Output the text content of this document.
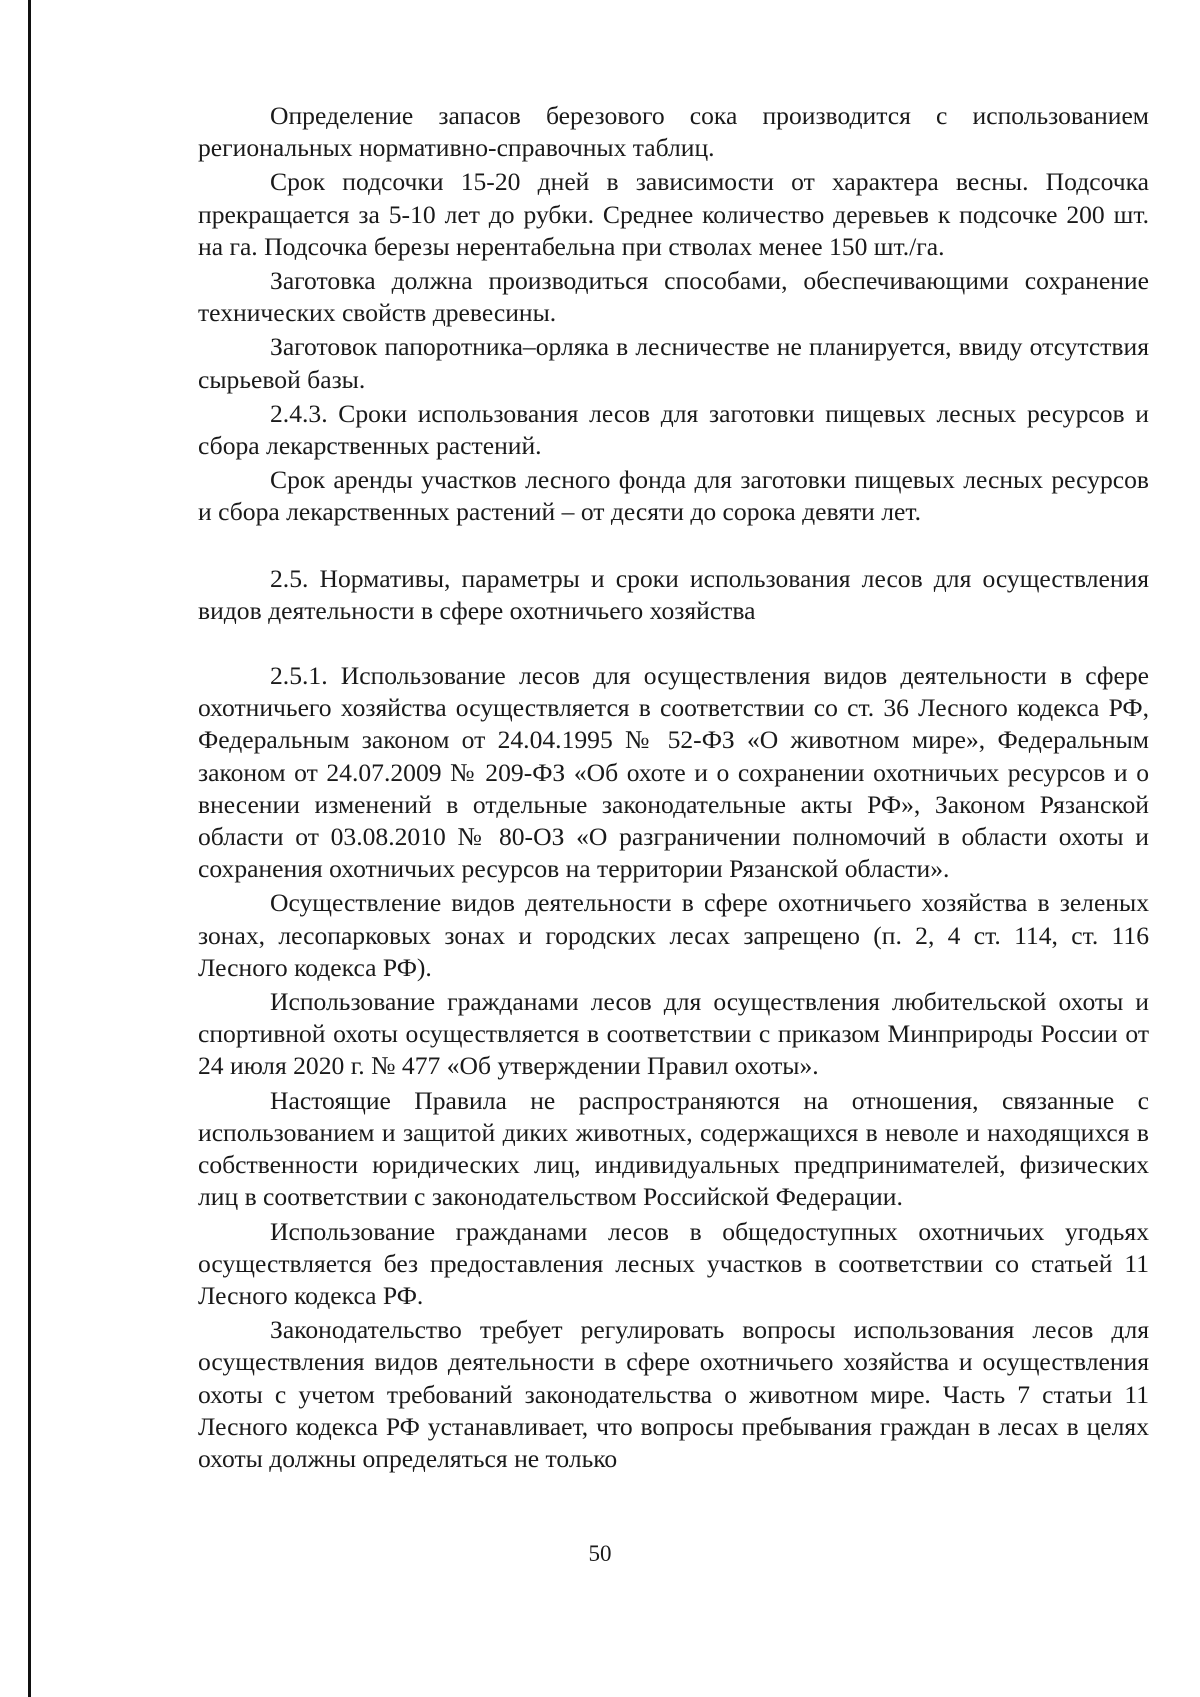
Определение запасов березового сока производится с использованием региональных нормативно-справочных таблиц.

Срок подсочки 15-20 дней в зависимости от характера весны. Подсочка прекращается за 5-10 лет до рубки. Среднее количество деревьев к подсочке 200 шт. на га. Подсочка березы нерентабельна при стволах менее 150 шт./га.

Заготовка должна производиться способами, обеспечивающими сохранение технических свойств древесины.

Заготовок папоротника–орляка в лесничестве не планируется, ввиду отсутствия сырьевой базы.

2.4.3. Сроки использования лесов для заготовки пищевых лесных ресурсов и сбора лекарственных растений.

Срок аренды участков лесного фонда для заготовки пищевых лесных ресурсов и сбора лекарственных растений – от десяти до сорока девяти лет.

2.5. Нормативы, параметры и сроки использования лесов для осуществления видов деятельности в сфере охотничьего хозяйства

2.5.1. Использование лесов для осуществления видов деятельности в сфере охотничьего хозяйства осуществляется в соответствии со ст. 36 Лесного кодекса РФ, Федеральным законом от 24.04.1995 № 52-ФЗ «О животном мире», Федеральным законом от 24.07.2009 № 209-ФЗ «Об охоте и о сохранении охотничьих ресурсов и о внесении изменений в отдельные законодательные акты РФ», Законом Рязанской области от 03.08.2010 № 80-ОЗ «О разграничении полномочий в области охоты и сохранения охотничьих ресурсов на территории Рязанской области».

Осуществление видов деятельности в сфере охотничьего хозяйства в зеленых зонах, лесопарковых зонах и городских лесах запрещено (п. 2, 4 ст. 114, ст. 116 Лесного кодекса РФ).

Использование гражданами лесов для осуществления любительской охоты и спортивной охоты осуществляется в соответствии с приказом Минприроды России от 24 июля 2020 г. № 477 «Об утверждении Правил охоты».

Настоящие Правила не распространяются на отношения, связанные с использованием и защитой диких животных, содержащихся в неволе и находящихся в собственности юридических лиц, индивидуальных предпринимателей, физических лиц в соответствии с законодательством Российской Федерации.

Использование гражданами лесов в общедоступных охотничьих угодьях осуществляется без предоставления лесных участков в соответствии со статьей 11 Лесного кодекса РФ.

Законодательство требует регулировать вопросы использования лесов для осуществления видов деятельности в сфере охотничьего хозяйства и осуществления охоты с учетом требований законодательства о животном мире. Часть 7 статьи 11 Лесного кодекса РФ устанавливает, что вопросы пребывания граждан в лесах в целях охоты должны определяться не только

50
